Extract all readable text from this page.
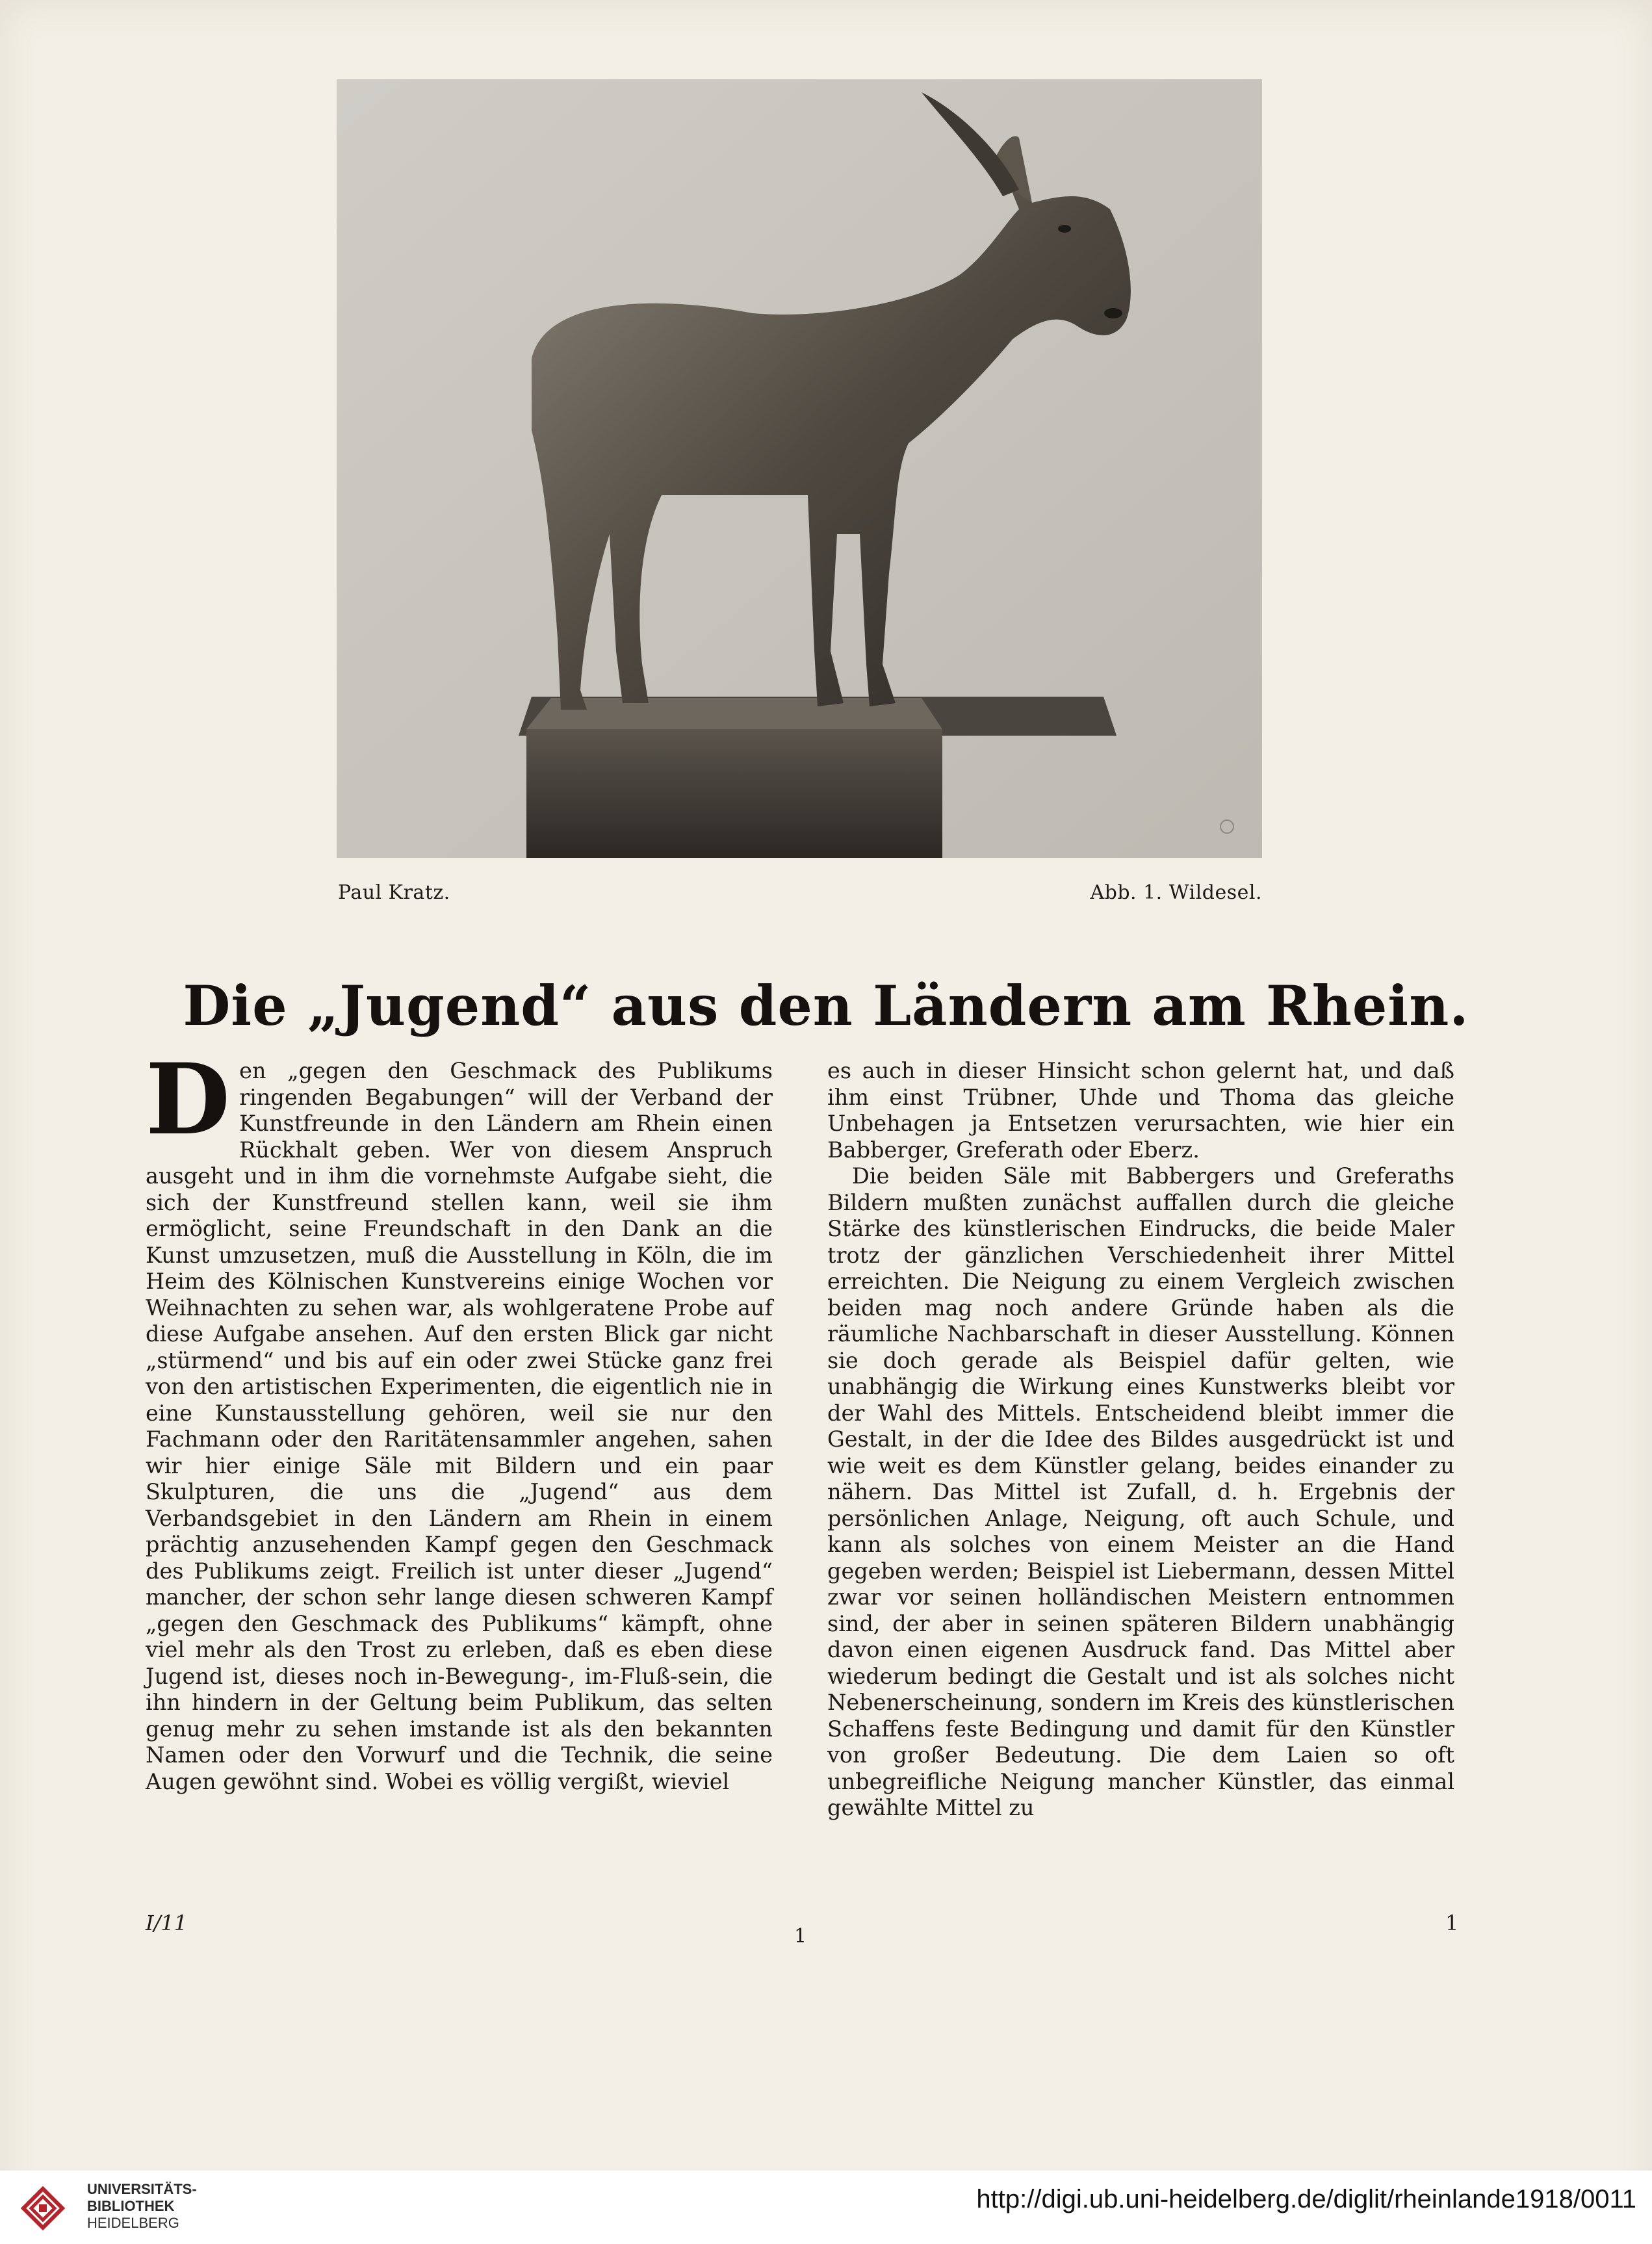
Paul Kratz.	Abb. 1. Wildesel.
Die „Jugend“ aus den Ländern am Rhein.
D en „gegen den Geschmack des Publikums ringenden Begabungen“ will der Verband der Kunstfreunde in den Ländern am Rhein einen Rückhalt geben. Wer von diesem Anspruch ausgeht und in ihm die vornehmste Aufgabe sieht, die sich der Kunstfreund stellen kann, weil sie ihm ermöglicht, seine Freundschaft in den Dank an die Kunst umzusetzen, muß die Ausstellung in Köln, die im Heim des Kölnischen Kunstvereins einige Wochen vor Weihnachten zu sehen war, als wohlgeratene Probe auf diese Aufgabe ansehen. Auf den ersten Blick gar nicht „stürmend“ und bis auf ein oder zwei Stücke ganz frei von den artistischen Experimenten, die eigentlich nie in eine Kunstausstellung gehören, weil sie nur den Fachmann oder den Raritätensammler angehen, sahen wir hier einige Säle mit Bildern und ein paar Skulpturen, die uns die „Jugend“ aus dem Verbandsgebiet in den Ländern am Rhein in einem prächtig anzusehenden Kampf gegen den Geschmack des Publikums zeigt. Freilich ist unter dieser „Jugend“ mancher, der schon sehr lange diesen schweren Kampf „gegen den Geschmack des Publikums“ kämpft, ohne viel mehr als den Trost zu erleben, daß es eben diese Jugend ist, dieses noch in-Bewegung-, im-Fluß-sein, die ihn hindern in der Geltung beim Publikum, das selten genug mehr zu sehen imstande ist als den bekannten Namen oder den Vorwurf und die Technik, die seine Augen gewöhnt sind. Wobei es völlig vergißt, wieviel

es auch in dieser Hinsicht schon gelernt hat, und daß ihm einst Trübner, Uhde und Thoma das gleiche Unbehagen ja Entsetzen verursachten, wie hier ein Babberger, Greferath oder Eberz.

Die beiden Säle mit Babbergers und Greferaths Bildern mußten zunächst auffallen durch die gleiche Stärke des künstlerischen Eindrucks, die beide Maler trotz der gänzlichen Verschiedenheit ihrer Mittel erreichten. Die Neigung zu einem Vergleich zwischen beiden mag noch andere Gründe haben als die räumliche Nachbarschaft in dieser Ausstellung. Können sie doch gerade als Beispiel dafür gelten, wie unabhängig die Wirkung eines Kunstwerks bleibt vor der Wahl des Mittels. Entscheidend bleibt immer die Gestalt, in der die Idee des Bildes ausgedrückt ist und wie weit es dem Künstler gelang, beides einander zu nähern. Das Mittel ist Zufall, d. h. Ergebnis der persönlichen Anlage, Neigung, oft auch Schule, und kann als solches von einem Meister an die Hand gegeben werden; Beispiel ist Liebermann, dessen Mittel zwar vor seinen holländischen Meistern entnommen sind, der aber in seinen späteren Bildern unabhängig davon einen eigenen Ausdruck fand. Das Mittel aber wiederum bedingt die Gestalt und ist als solches nicht Nebenerscheinung, sondern im Kreis des künstlerischen Schaffens feste Bedingung und damit für den Künstler von großer Bedeutung. Die dem Laien so oft unbegreifliche Neigung mancher Künstler, das einmal gewählte Mittel zu

I/11
1
1
UNIVERSITÄTS-
BIBLIOTHEK
HEIDELBERG
http://digi.ub.uni-heidelberg.de/diglit/rheinlande1918/0011
